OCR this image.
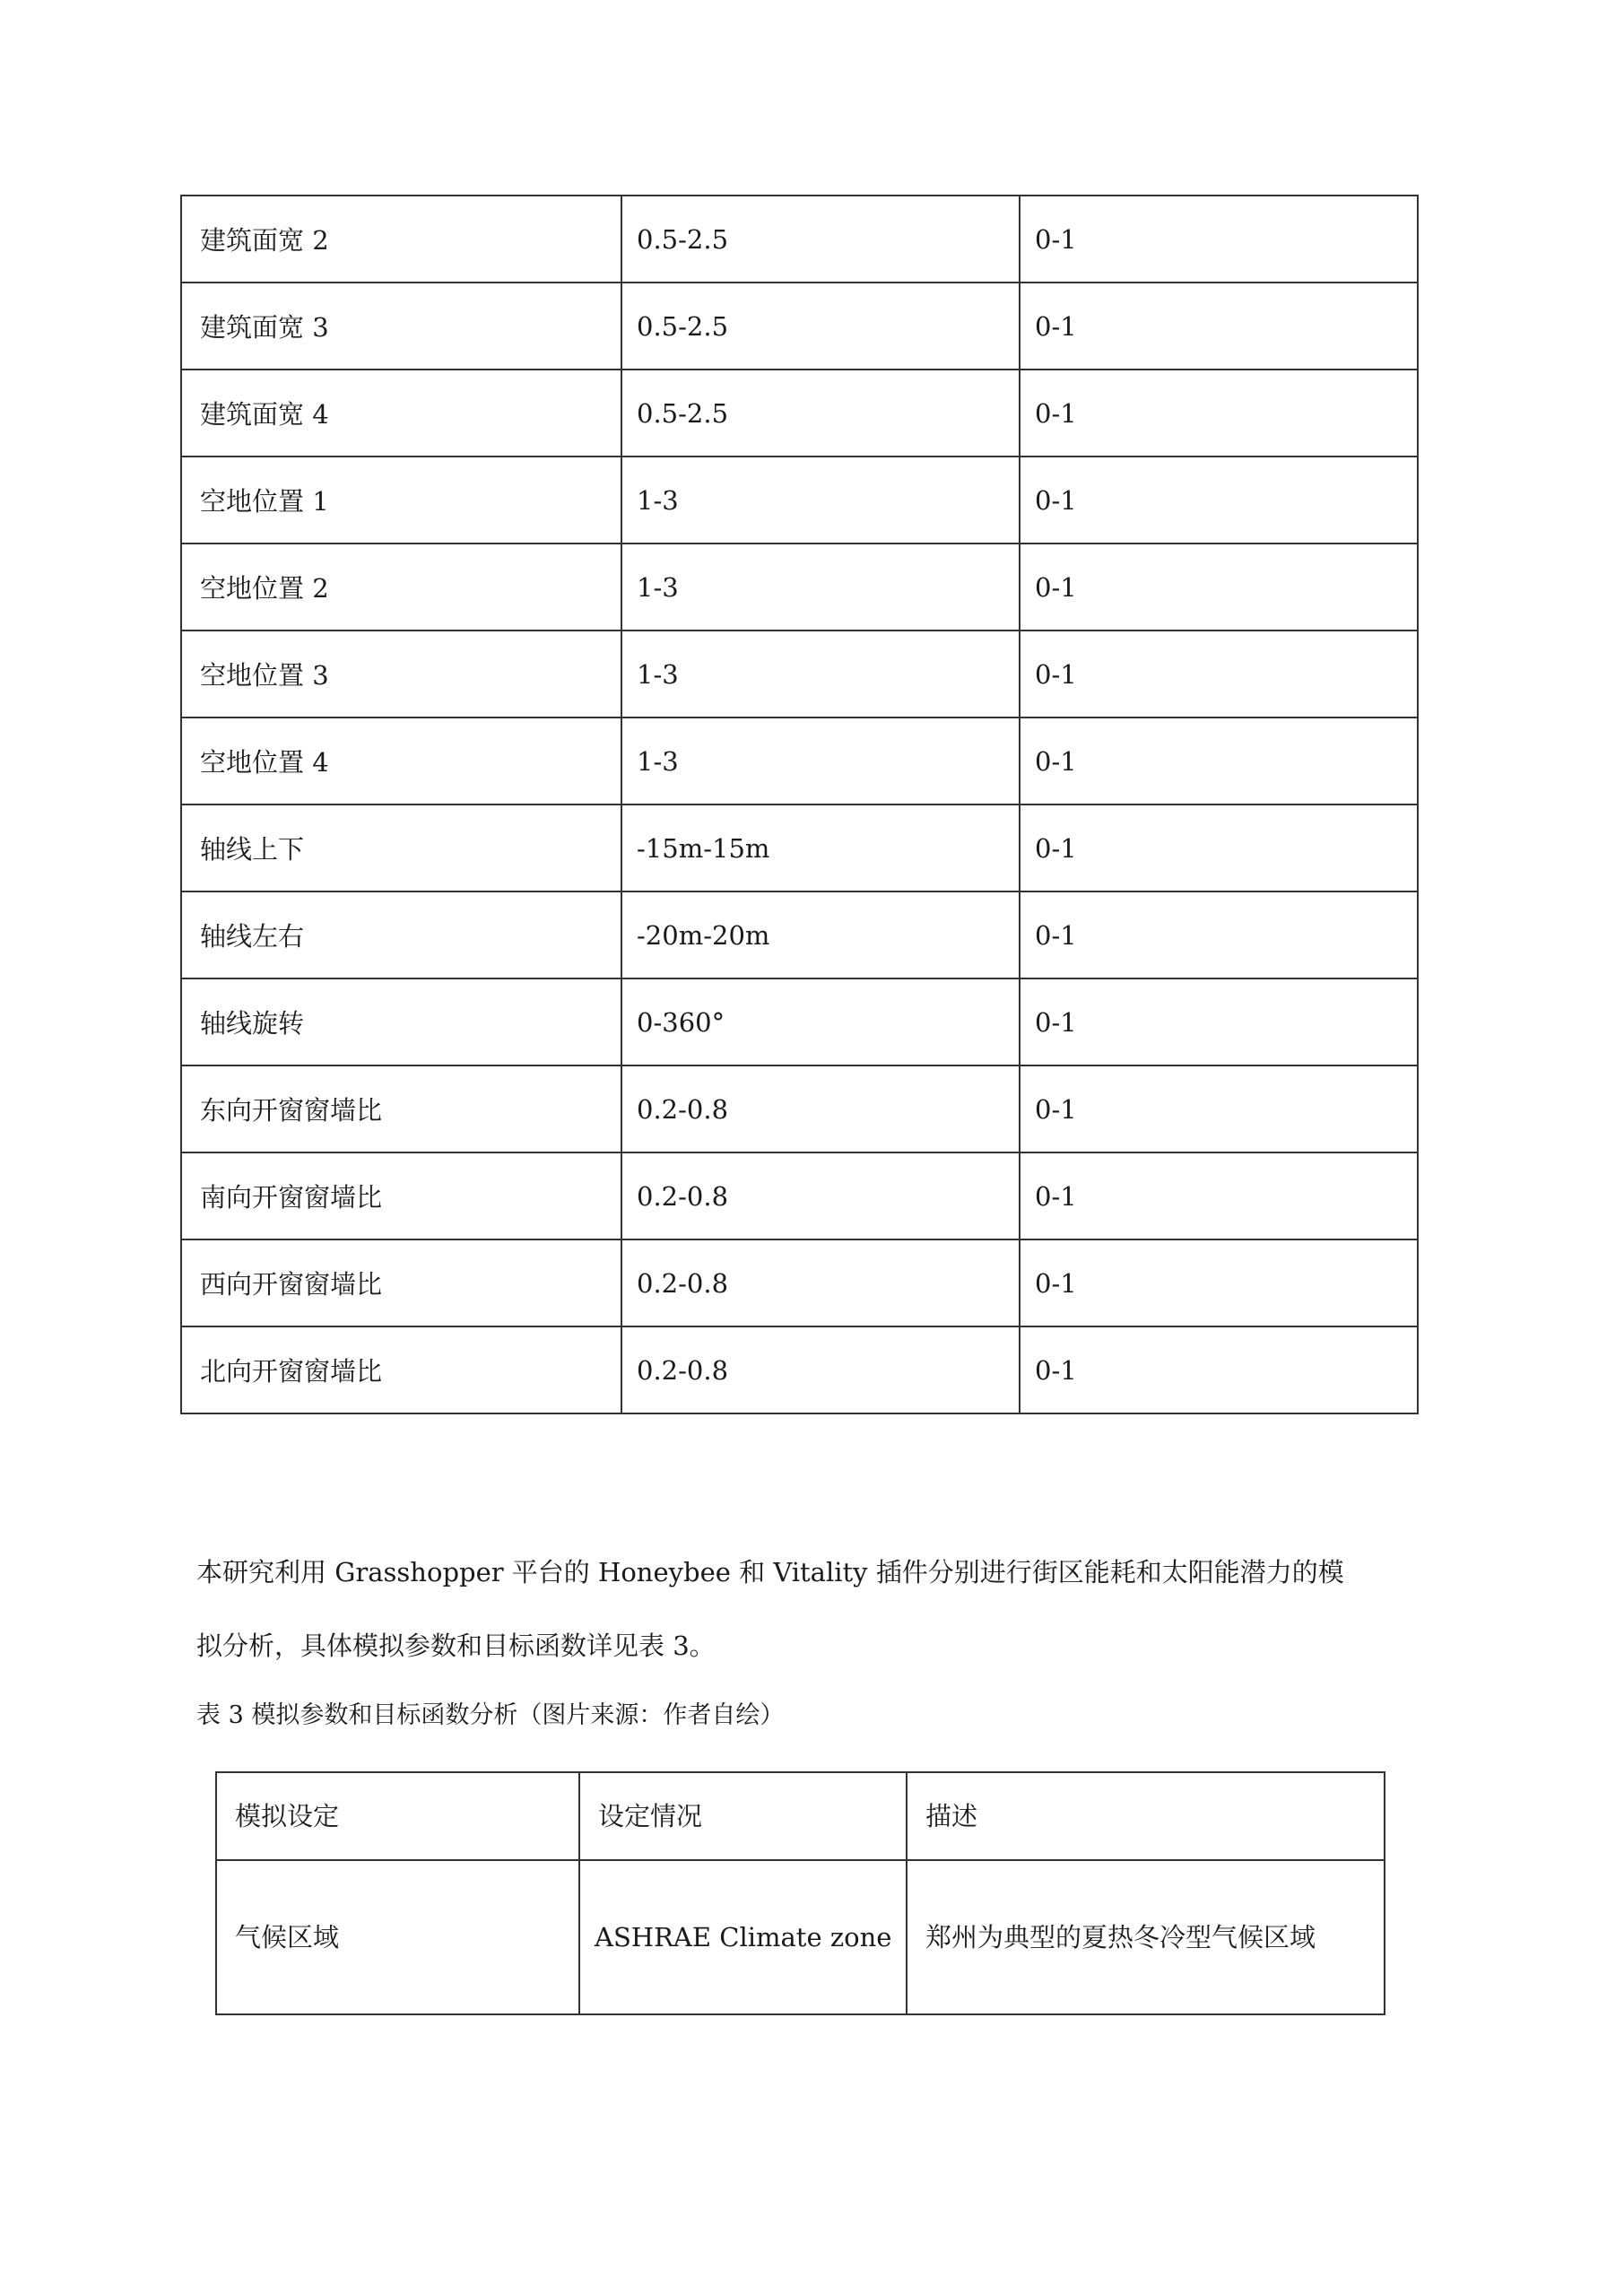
建筑面宽 2	0.5-2.5	0-1
建筑面宽 3	0.5-2.5	0-1
建筑面宽 4	0.5-2.5	0-1
空地位置 1	1-3	0-1
空地位置 2	1-3	0-1
空地位置 3	1-3	0-1
空地位置 4	1-3	0-1
轴线上下	-15m-15m	0-1
轴线左右	-20m-20m	0-1
轴线旋转	0-360°	0-1
东向开窗窗墙比	0.2-0.8	0-1
南向开窗窗墙比	0.2-0.8	0-1
西向开窗窗墙比	0.2-0.8	0-1
北向开窗窗墙比	0.2-0.8	0-1

本研究利用 Grasshopper 平台的 Honeybee 和 Vitality 插件分别进行街区能耗和太阳能潜力的模

拟分析，具体模拟参数和目标函数详见表 3。

表 3 模拟参数和目标函数分析（图片来源：作者自绘）

模拟设定	设定情况	描述
气候区域	ASHRAE Climate zone	郑州为典型的夏热冬冷型气候区域
